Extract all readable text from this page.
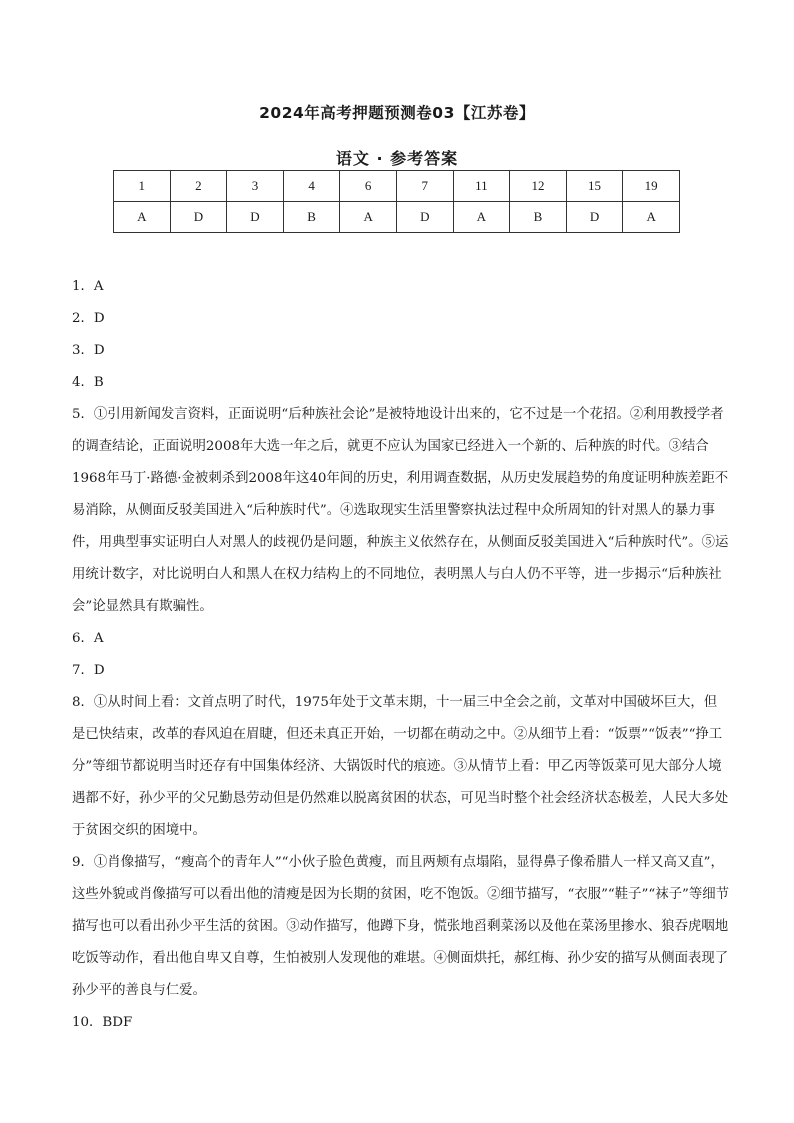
2024年高考押题预测卷03【江苏卷】
语文 · 参考答案
1	2	3	4	6	7	11	12	15	19
A	D	D	B	A	D	A	B	D	A

1．A

2．D

3．D

4．B

5．①引用新闻发言资料，正面说明“后种族社会论”是被特地设计出来的，它不过是一个花招。②利用教授学者的调查结论，正面说明2008年大选一年之后，就更不应认为国家已经进入一个新的、后种族的时代。③结合1968年马丁·路德·金被刺杀到2008年这40年间的历史，利用调查数据，从历史发展趋势的角度证明种族差距不易消除，从侧面反驳美国进入“后种族时代”。④选取现实生活里警察执法过程中众所周知的针对黑人的暴力事件，用典型事实证明白人对黑人的歧视仍是问题，种族主义依然存在，从侧面反驳美国进入“后种族时代”。⑤运用统计数字，对比说明白人和黑人在权力结构上的不同地位，表明黑人与白人仍不平等，进一步揭示“后种族社会”论显然具有欺骗性。

6．A

7．D

8．①从时间上看：文首点明了时代，1975年处于文革末期，十一届三中全会之前，文革对中国破坏巨大，但是已快结束，改革的春风迫在眉睫，但还未真正开始，一切都在萌动之中。②从细节上看：“饭票”“饭表”“挣工分”等细节都说明当时还存有中国集体经济、大锅饭时代的痕迹。③从情节上看：甲乙丙等饭菜可见大部分人境遇都不好，孙少平的父兄勤恳劳动但是仍然难以脱离贫困的状态，可见当时整个社会经济状态极差，人民大多处于贫困交织的困境中。

9．①肖像描写，“瘦高个的青年人”“小伙子脸色黄瘦，而且两颊有点塌陷，显得鼻子像希腊人一样又高又直”，这些外貌或肖像描写可以看出他的清瘦是因为长期的贫困，吃不饱饭。②细节描写，“衣服”“鞋子”“袜子”等细节描写也可以看出孙少平生活的贫困。③动作描写，他蹲下身，慌张地舀剩菜汤以及他在菜汤里掺水、狼吞虎咽地吃饭等动作，看出他自卑又自尊，生怕被别人发现他的难堪。④侧面烘托，郝红梅、孙少安的描写从侧面表现了孙少平的善良与仁爱。

10．BDF
